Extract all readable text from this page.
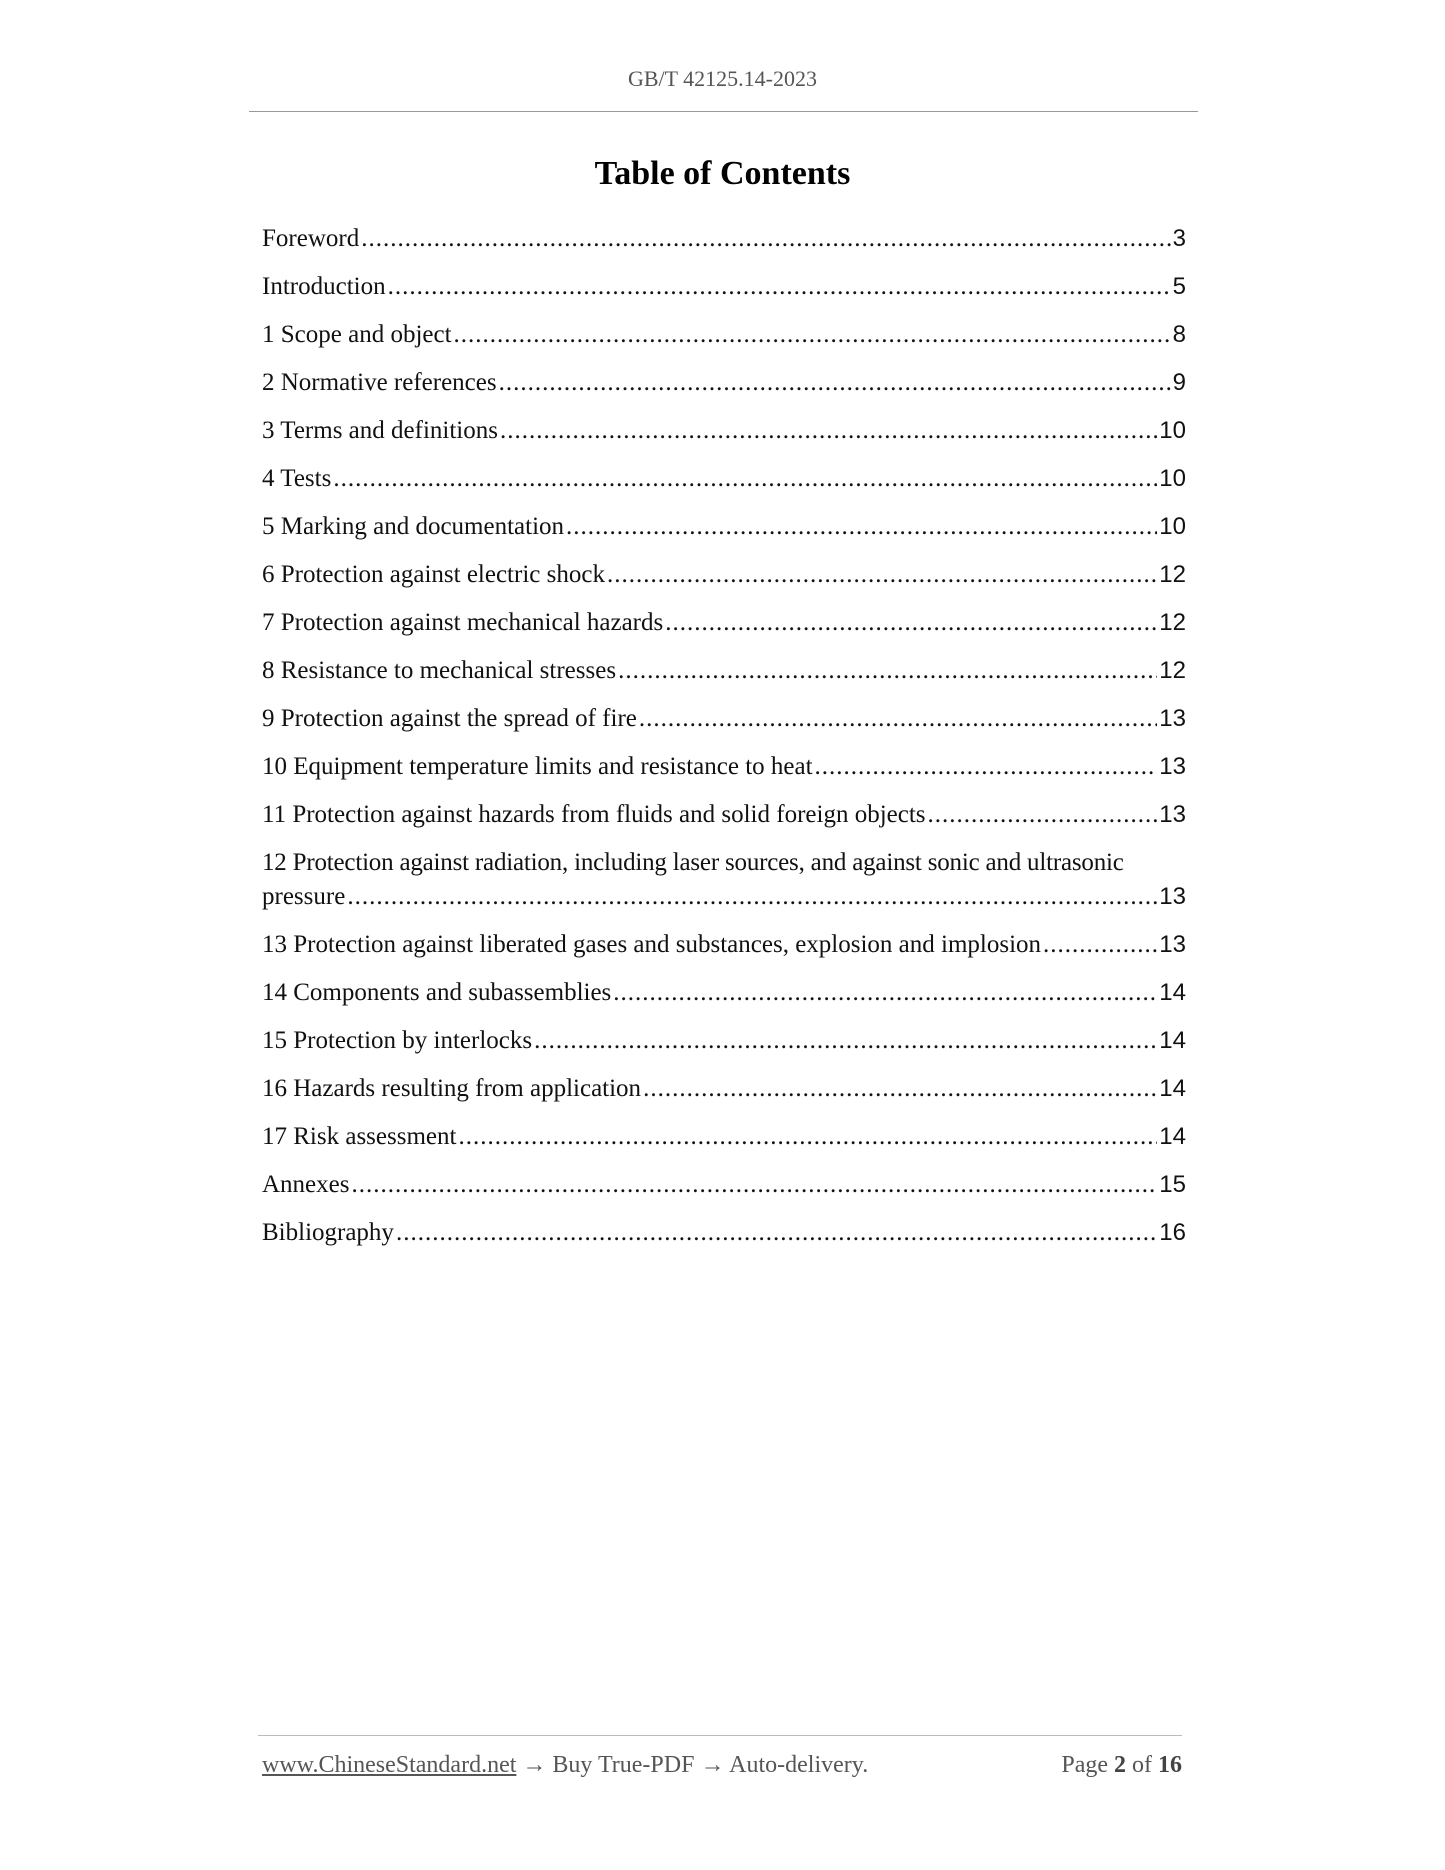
GB/T 42125.14-2023
Table of Contents
Foreword .....	3
Introduction .....	5
1 Scope and object .....	8
2 Normative references .....	9
3 Terms and definitions .....	10
4 Tests .....	10
5 Marking and documentation .....	10
6 Protection against electric shock .....	12
7 Protection against mechanical hazards .....	12
8 Resistance to mechanical stresses .....	12
9 Protection against the spread of fire .....	13
10 Equipment temperature limits and resistance to heat .....	13
11 Protection against hazards from fluids and solid foreign objects .....	13
12 Protection against radiation, including laser sources, and against sonic and ultrasonic
pressure .....	13
13 Protection against liberated gases and substances, explosion and implosion .....	13
14 Components and subassemblies .....	14
15 Protection by interlocks .....	14
16 Hazards resulting from application .....	14
17 Risk assessment .....	14
Annexes .....	15
Bibliography .....	16
www.ChineseStandard.net → Buy True-PDF → Auto-delivery.	Page 2 of 16
